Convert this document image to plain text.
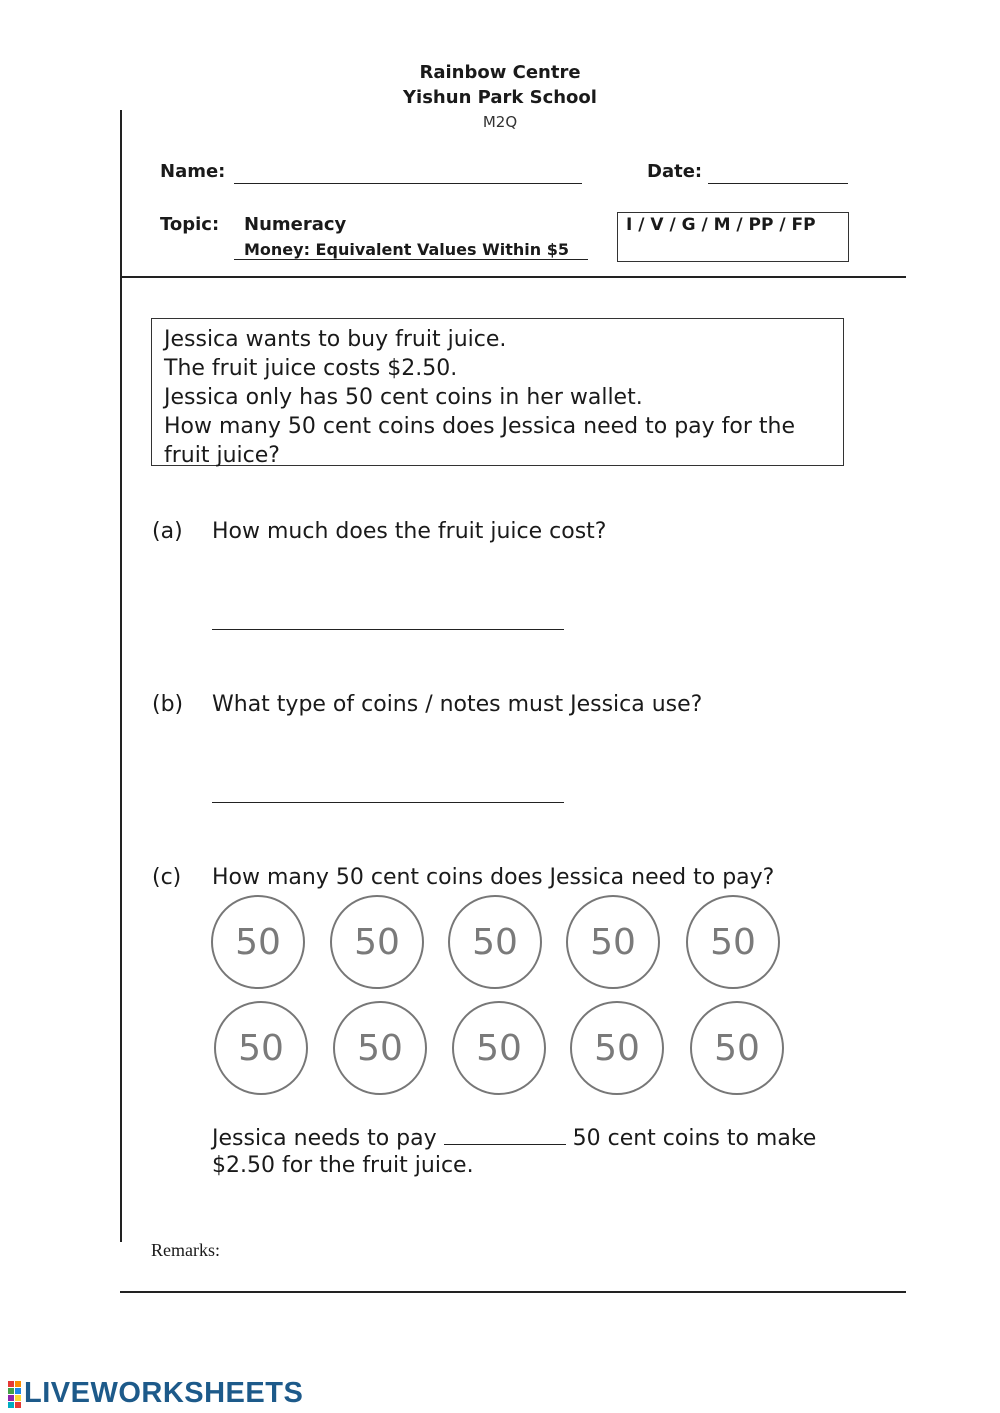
Rainbow Centre
Yishun Park School
M2Q
Name:	Date:
Topic: Numeracy
Money: Equivalent Values Within $5
I / V / G / M / PP / FP
Jessica wants to buy fruit juice.
The fruit juice costs $2.50.
Jessica only has 50 cent coins in her wallet.
How many 50 cent coins does Jessica need to pay for the
fruit juice?
(a) How much does the fruit juice cost?
(b) What type of coins / notes must Jessica use?
(c) How many 50 cent coins does Jessica need to pay?
50	50	50	50	50
50	50	50	50	50
Jessica needs to pay	50 cent coins to make
$2.50 for the fruit juice.
Remarks:
LIVEWORKSHEETS
